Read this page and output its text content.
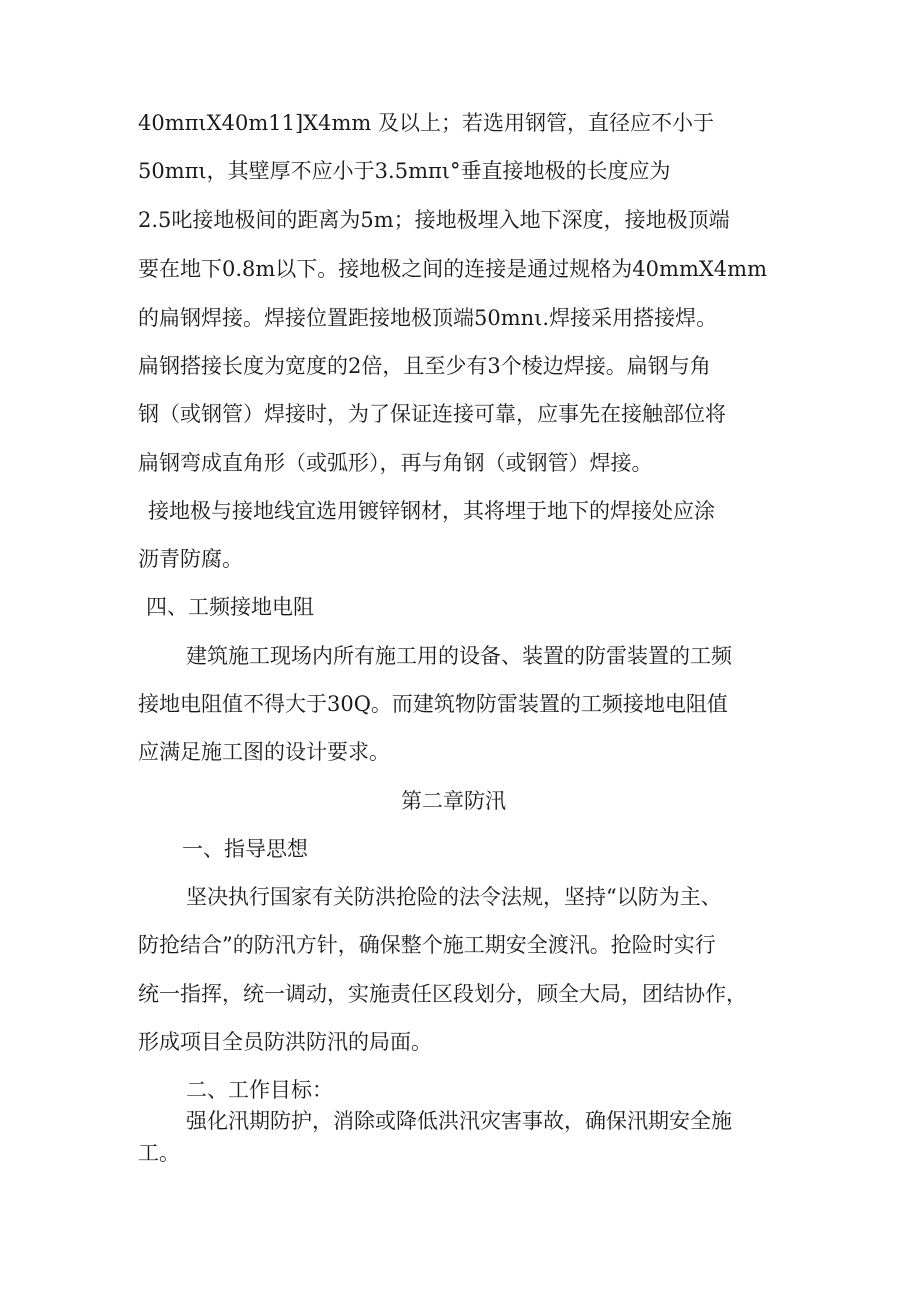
40mπιX40m11]X4mm 及以上；若选用钢管，直径应不小于
50mπι，其壁厚不应小于3.5mπι°垂直接地极的长度应为
2.5叱接地极间的距离为5m；接地极埋入地下深度，接地极顶端
要在地下0.8m以下。接地极之间的连接是通过规格为40mmX4mm
的扁钢焊接。焊接位置距接地极顶端50mnι.焊接采用搭接焊。
扁钢搭接长度为宽度的2倍，且至少有3个棱边焊接。扁钢与角
钢（或钢管）焊接时，为了保证连接可靠，应事先在接触部位将
扁钢弯成直角形（或弧形），再与角钢（或钢管）焊接。
接地极与接地线宜选用镀锌钢材，其将埋于地下的焊接处应涂
沥青防腐。
四、工频接地电阻
建筑施工现场内所有施工用的设备、装置的防雷装置的工频
接地电阻值不得大于30Q。而建筑物防雷装置的工频接地电阻值
应满足施工图的设计要求。
第二章防汛
一、指导思想
坚决执行国家有关防洪抢险的法令法规，坚持“以防为主、
防抢结合”的防汛方针，确保整个施工期安全渡汛。抢险时实行
统一指挥，统一调动，实施责任区段划分，顾全大局，团结协作，
形成项目全员防洪防汛的局面。
二、工作目标：
强化汛期防护，消除或降低洪汛灾害事故，确保汛期安全施
工。
